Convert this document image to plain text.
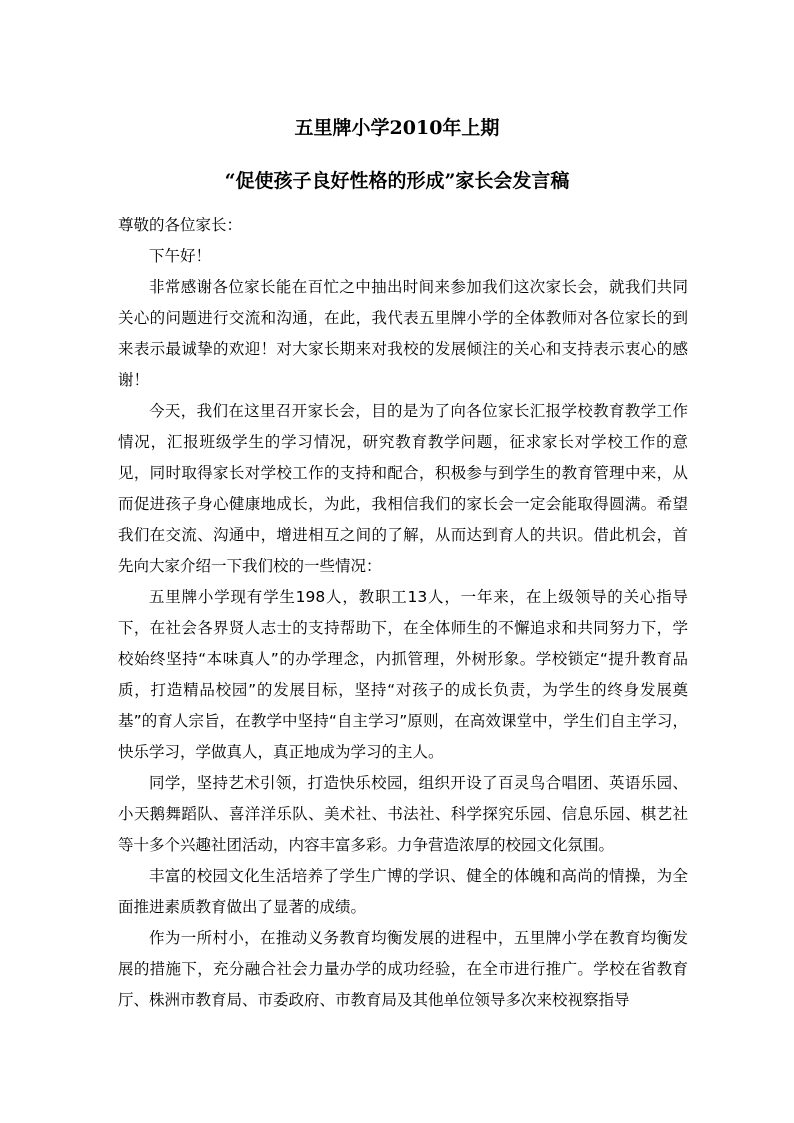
五里牌小学2010年上期
“促使孩子良好性格的形成”家长会发言稿
尊敬的各位家长：

下午好！

非常感谢各位家长能在百忙之中抽出时间来参加我们这次家长会，就我们共同关心的问题进行交流和沟通，在此，我代表五里牌小学的全体教师对各位家长的到来表示最诚挚的欢迎！对大家长期来对我校的发展倾注的关心和支持表示衷心的感谢！

今天，我们在这里召开家长会，目的是为了向各位家长汇报学校教育教学工作情况，汇报班级学生的学习情况，研究教育教学问题，征求家长对学校工作的意见，同时取得家长对学校工作的支持和配合，积极参与到学生的教育管理中来，从而促进孩子身心健康地成长，为此，我相信我们的家长会一定会能取得圆满。希望我们在交流、沟通中，增进相互之间的了解，从而达到育人的共识。借此机会，首先向大家介绍一下我们校的一些情况：

五里牌小学现有学生198人，教职工13人，一年来，在上级领导的关心指导下，在社会各界贤人志士的支持帮助下，在全体师生的不懈追求和共同努力下，学校始终坚持“本味真人”的办学理念，内抓管理，外树形象。学校锁定“提升教育品质，打造精品校园”的发展目标，坚持“对孩子的成长负责，为学生的终身发展奠基”的育人宗旨，在教学中坚持“自主学习”原则，在高效课堂中，学生们自主学习，快乐学习，学做真人，真正地成为学习的主人。

同学，坚持艺术引领，打造快乐校园，组织开设了百灵鸟合唱团、英语乐园、小天鹅舞蹈队、喜洋洋乐队、美术社、书法社、科学探究乐园、信息乐园、棋艺社等十多个兴趣社团活动，内容丰富多彩。力争营造浓厚的校园文化氛围。

丰富的校园文化生活培养了学生广博的学识、健全的体魄和高尚的情操，为全面推进素质教育做出了显著的成绩。

作为一所村小，在推动义务教育均衡发展的进程中，五里牌小学在教育均衡发展的措施下，充分融合社会力量办学的成功经验，在全市进行推广。学校在省教育厅、株洲市教育局、市委政府、市教育局及其他单位领导多次来校视察指导
